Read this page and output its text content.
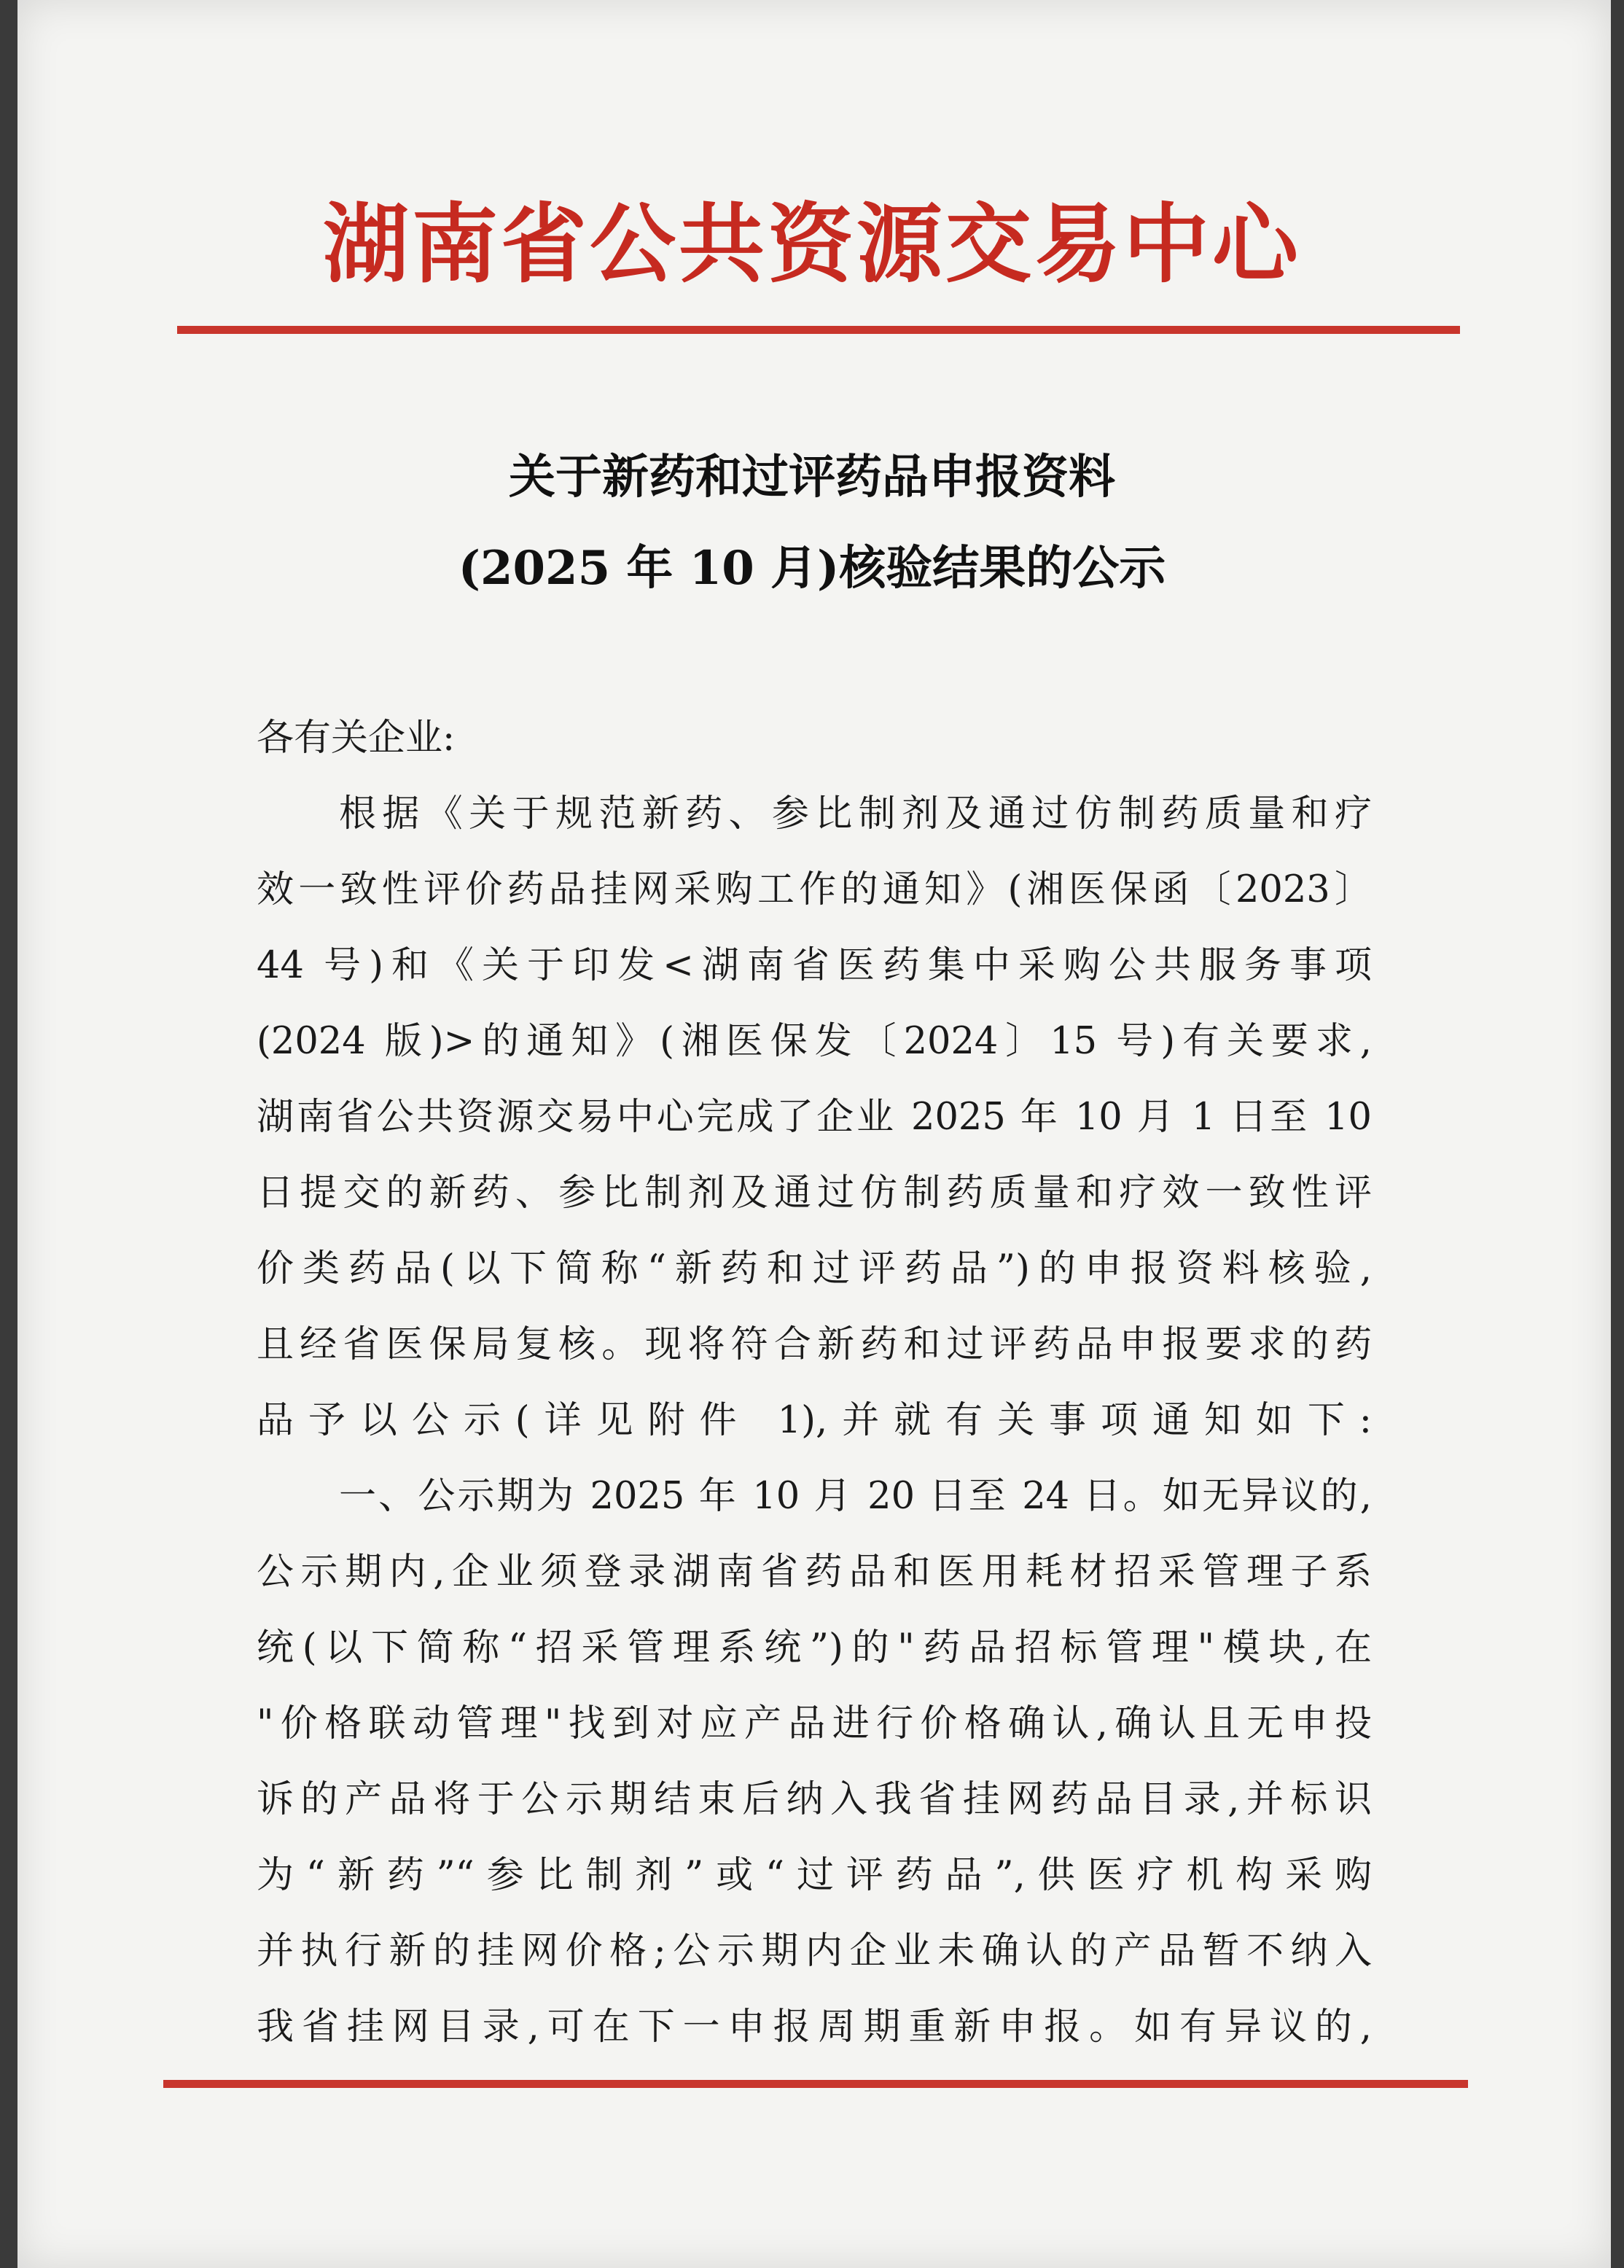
湖南省公共资源交易中心
关于新药和过评药品申报资料
(2025 年 10 月)核验结果的公示
各有关企业:
根据《关于规范新药、参比制剂及通过仿制药质量和疗
效一致性评价药品挂网采购工作的通知》(湘医保函〔2023〕
44 号)和《关于印发<湖南省医药集中采购公共服务事项
(2024 版)>的通知》(湘医保发〔2024〕15 号)有关要求,
湖南省公共资源交易中心完成了企业 2025 年 10 月 1 日至 10
日提交的新药、参比制剂及通过仿制药质量和疗效一致性评
价类药品(以下简称“新药和过评药品”)的申报资料核验,
且经省医保局复核。现将符合新药和过评药品申报要求的药
品予以公示(详见附件 1),并就有关事项通知如下:
一、公示期为 2025 年 10 月 20 日至 24 日。如无异议的,
公示期内,企业须登录湖南省药品和医用耗材招采管理子系
统(以下简称“招采管理系统”)的"药品招标管理"模块,在
"价格联动管理"找到对应产品进行价格确认,确认且无申投
诉的产品将于公示期结束后纳入我省挂网药品目录,并标识
为“新药”“参比制剂”或“过评药品”,供医疗机构采购
并执行新的挂网价格;公示期内企业未确认的产品暂不纳入
我省挂网目录,可在下一申报周期重新申报。如有异议的,
